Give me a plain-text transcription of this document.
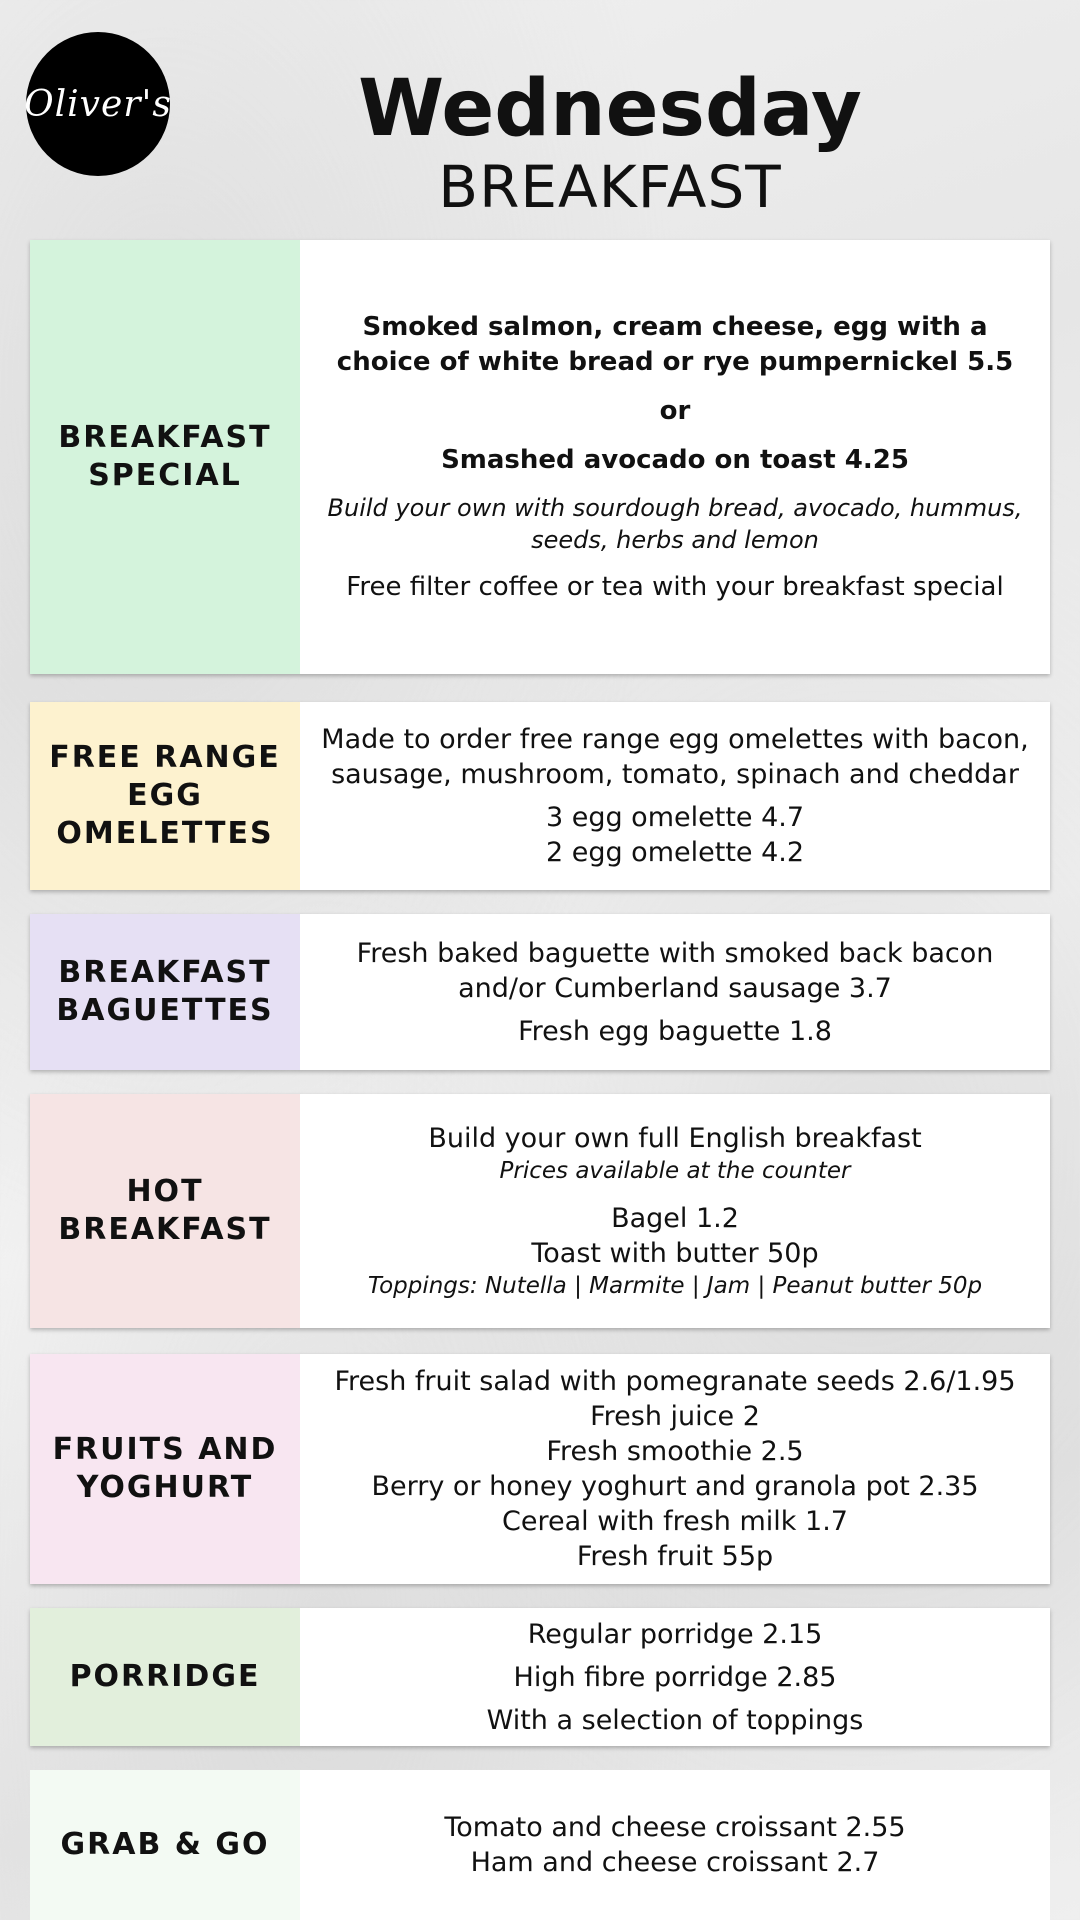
Oliver's	Wednesday
BREAKFAST
BREAKFAST SPECIAL

Smoked salmon, cream cheese, egg with a choice of white bread or rye pumpernickel 5.5

or

Smashed avocado on toast 4.25

Build your own with sourdough bread, avocado, hummus, seeds, herbs and lemon

Free filter coffee or tea with your breakfast special

FREE RANGE EGG OMELETTES

Made to order free range egg omelettes with bacon, sausage, mushroom, tomato, spinach and cheddar

3 egg omelette 4.7

2 egg omelette 4.2

BREAKFAST BAGUETTES

Fresh baked baguette with smoked back bacon and/or Cumberland sausage 3.7

Fresh egg baguette 1.8

HOT BREAKFAST

Build your own full English breakfast

Prices available at the counter

Bagel 1.2

Toast with butter 50p

Toppings: Nutella | Marmite | Jam | Peanut butter 50p

FRUITS AND YOGHURT

Fresh fruit salad with pomegranate seeds 2.6/1.95

Fresh juice 2

Fresh smoothie 2.5

Berry or honey yoghurt and granola pot 2.35

Cereal with fresh milk 1.7

Fresh fruit 55p

PORRIDGE

Regular porridge 2.15

High fibre porridge 2.85

With a selection of toppings

GRAB & GO	Tomato and cheese croissant 2.55

Ham and cheese croissant 2.7
